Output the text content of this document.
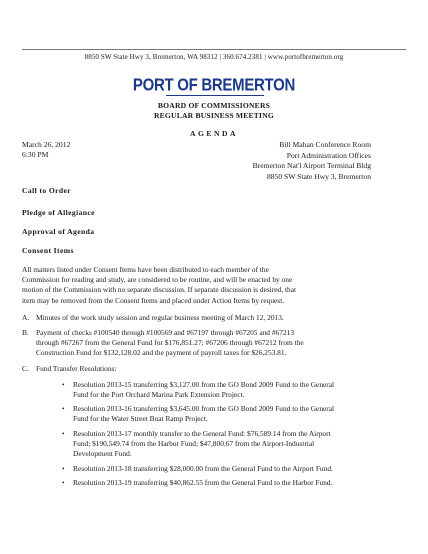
8850 SW State Hwy 3, Bremerton, WA 98312 | 360.674.2381 | www.portofbremerton.org
PORT OF BREMERTON
BOARD OF COMMISSIONERS
REGULAR BUSINESS MEETING
AGENDA
March 26, 2012
6:30 PM
Bill Mahan Conference Room
Port Administration Offices
Bremerton Nat'l Airport Terminal Bldg
8850 SW State Hwy 3, Bremerton
Call to Order
Pledge of Allegiance
Approval of Agenda
Consent Items
All matters listed under Consent Items have been distributed to each member of the
Commission for reading and study, are considered to be routine, and will be enacted by one
motion of the Commission with no separate discussion. If separate discussion is desired, that
item may be removed from the Consent Items and placed under Action Items by request.
A. Minutes of the work study session and regular business meeting of March 12, 2013.
B. Payment of checks #100540 through #100569 and #67197 through #67205 and #67213
through #67267 from the General Fund for $176,851.27; #67206 through #67212 from the
Construction Fund for $132,128.02 and the payment of payroll taxes for $26,253.81.
C. Fund Transfer Resolutions:
• Resolution 2013-15 transferring $3,127.00 from the GO Bond 2009 Fund to the General
Fund for the Port Orchard Marina Park Extension Project.
• Resolution 2013-16 transferring $3,645.00 from the GO Bond 2009 Fund to the General
Fund for the Water Street Boat Ramp Project.
• Resolution 2013-17 monthly transfer to the General Fund: $76,589.14 from the Airport
Fund; $190,549.74 from the Harbor Fund; $47,800.67 from the Airport-Industrial
Development Fund.
• Resolution 2013-18 transferring $28,000.00 from the General Fund to the Airport Fund.
• Resolution 2013-19 transferring $40,862.55 from the General Fund to the Harbor Fund.
